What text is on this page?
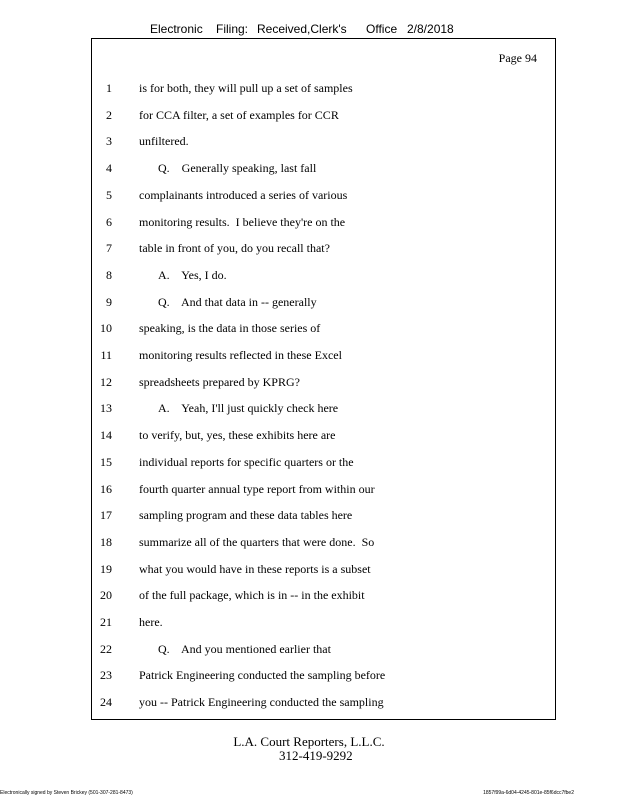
Electronic Filing: Received,Clerk's Office 2/8/2018
Page 94
1 is for both, they will pull up a set of samples
2 for CCA filter, a set of examples for CCR
3 unfiltered.
4	Q.    Generally speaking, last fall
5 complainants introduced a series of various
6 monitoring results.  I believe they're on the
7 table in front of you, do you recall that?
8	A.    Yes, I do.
9	Q.    And that data in -- generally
10 speaking, is the data in those series of
11 monitoring results reflected in these Excel
12 spreadsheets prepared by KPRG?
13	A.    Yeah, I'll just quickly check here
14 to verify, but, yes, these exhibits here are
15 individual reports for specific quarters or the
16 fourth quarter annual type report from within our
17 sampling program and these data tables here
18 summarize all of the quarters that were done.  So
19 what you would have in these reports is a subset
20 of the full package, which is in -- in the exhibit
21 here.
22	Q.    And you mentioned earlier that
23 Patrick Engineering conducted the sampling before
24 you -- Patrick Engineering conducted the sampling
L.A. Court Reporters, L.L.C.
312-419-9292
Electronically signed by Steven Brickey (501-307-281-8473)	1857f99a-6d04-4245-801e-85f6dcc7fbe2
